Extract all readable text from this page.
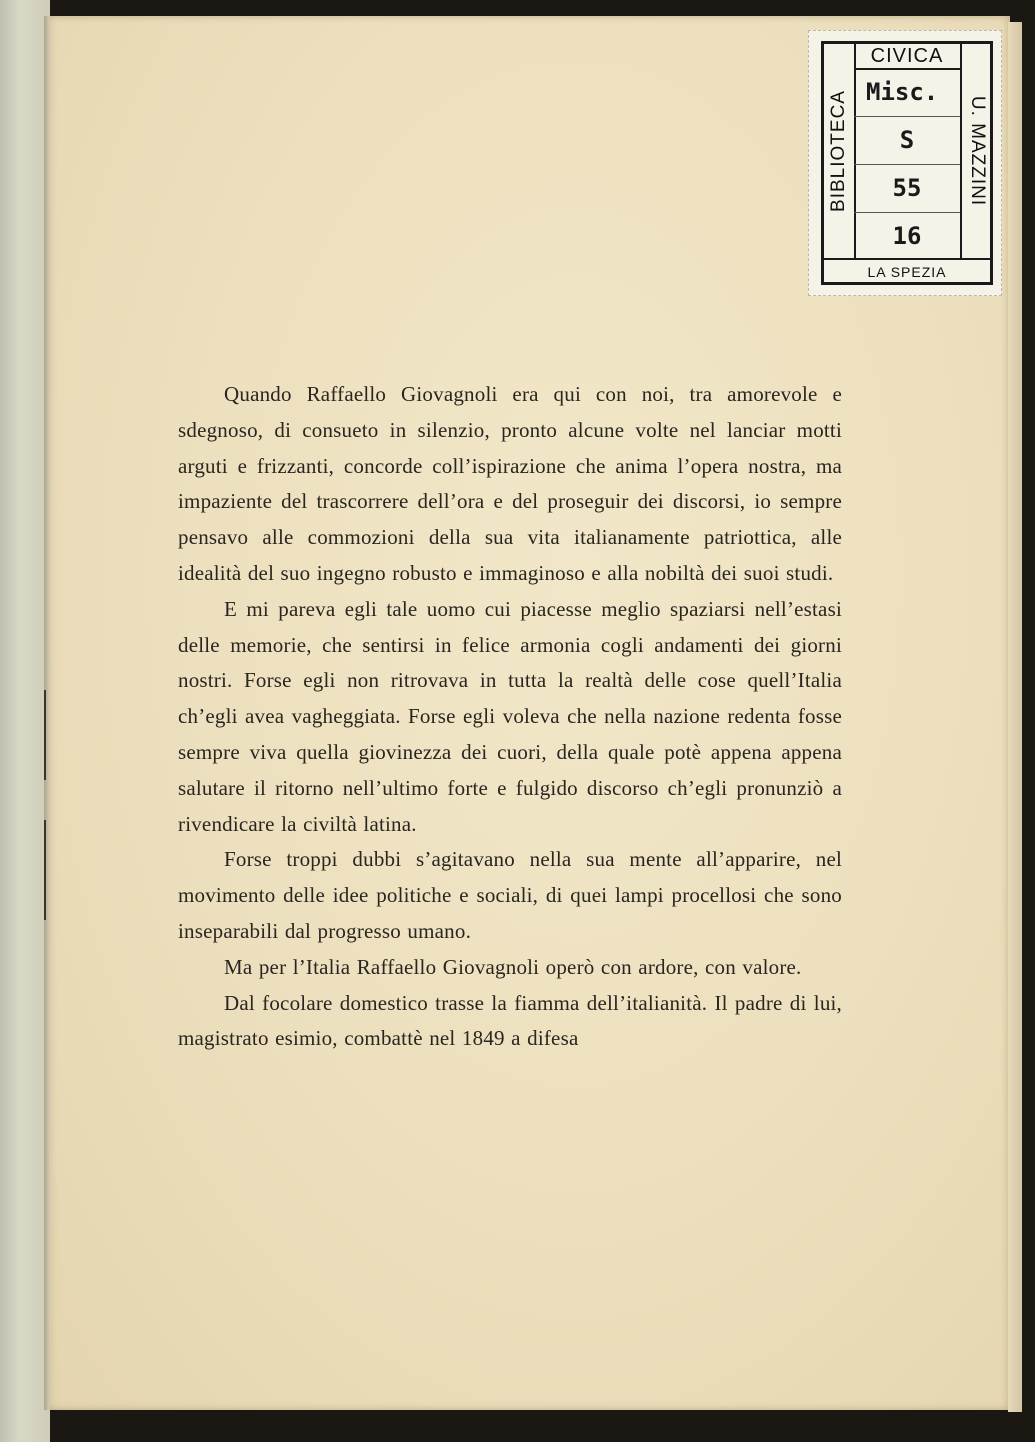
CIVICA
BIBLIOTECA	U. MAZZINI
Misc.
S
55
16
LA SPEZIA

Quando Raffaello Giovagnoli era qui con noi, tra amorevole e sdegnoso, di consueto in silenzio, pronto alcune volte nel lanciar motti arguti e frizzanti, concorde coll’ispirazione che anima l’opera nostra, ma impaziente del trascorrere dell’ora e del proseguir dei discorsi, io sempre pensavo alle commozioni della sua vita italianamente patriottica, alle idealità del suo ingegno robusto e immaginoso e alla nobiltà dei suoi studi.

E mi pareva egli tale uomo cui piacesse meglio spaziarsi nell’estasi delle memorie, che sentirsi in felice armonia cogli andamenti dei giorni nostri. Forse egli non ritrovava in tutta la realtà delle cose quell’Italia ch’egli avea vagheggiata. Forse egli voleva che nella nazione redenta fosse sempre viva quella giovinezza dei cuori, della quale potè appena appena salutare il ritorno nell’ultimo forte e fulgido discorso ch’egli pronunziò a rivendicare la civiltà latina.

Forse troppi dubbi s’agitavano nella sua mente all’apparire, nel movimento delle idee politiche e sociali, di quei lampi procellosi che sono inseparabili dal progresso umano.

Ma per l’Italia Raffaello Giovagnoli operò con ardore, con valore.

Dal focolare domestico trasse la fiamma dell’italianità. Il padre di lui, magistrato esimio, combattè nel 1849 a difesa
